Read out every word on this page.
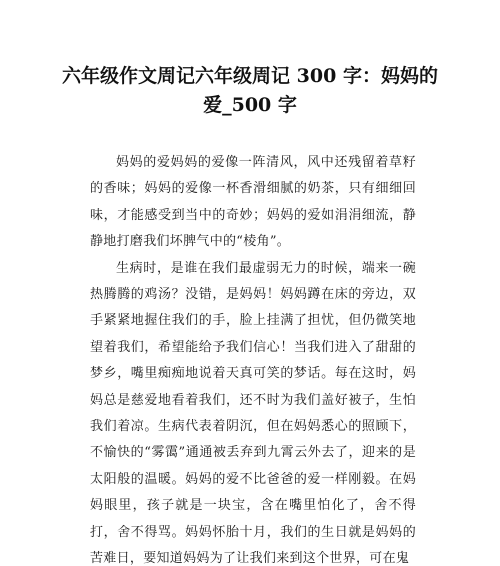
六年级作文周记六年级周记 300 字：妈妈的爱_500 字

妈妈的爱妈妈的爱像一阵清风，风中还残留着草籽的香味；妈妈的爱像一杯香滑细腻的奶茶，只有细细回味，才能感受到当中的奇妙；妈妈的爱如涓涓细流，静静地打磨我们坏脾气中的“棱角”。

生病时，是谁在我们最虚弱无力的时候，端来一碗热腾腾的鸡汤？没错，是妈妈！妈妈蹲在床的旁边，双手紧紧地握住我们的手，脸上挂满了担忧，但仍微笑地望着我们，希望能给予我们信心！当我们进入了甜甜的梦乡，嘴里痴痴地说着天真可笑的梦话。每在这时，妈妈总是慈爱地看着我们，还不时为我们盖好被子，生怕我们着凉。生病代表着阴沉，但在妈妈悉心的照顾下，不愉快的“雾霭”通通被丢弃到九霄云外去了，迎来的是太阳般的温暖。妈妈的爱不比爸爸的爱一样刚毅。在妈妈眼里，孩子就是一块宝，含在嘴里怕化了，舍不得打，舍不得骂。妈妈怀胎十月，我们的生日就是妈妈的苦难日，要知道妈妈为了让我们来到这个世界，可在鬼
